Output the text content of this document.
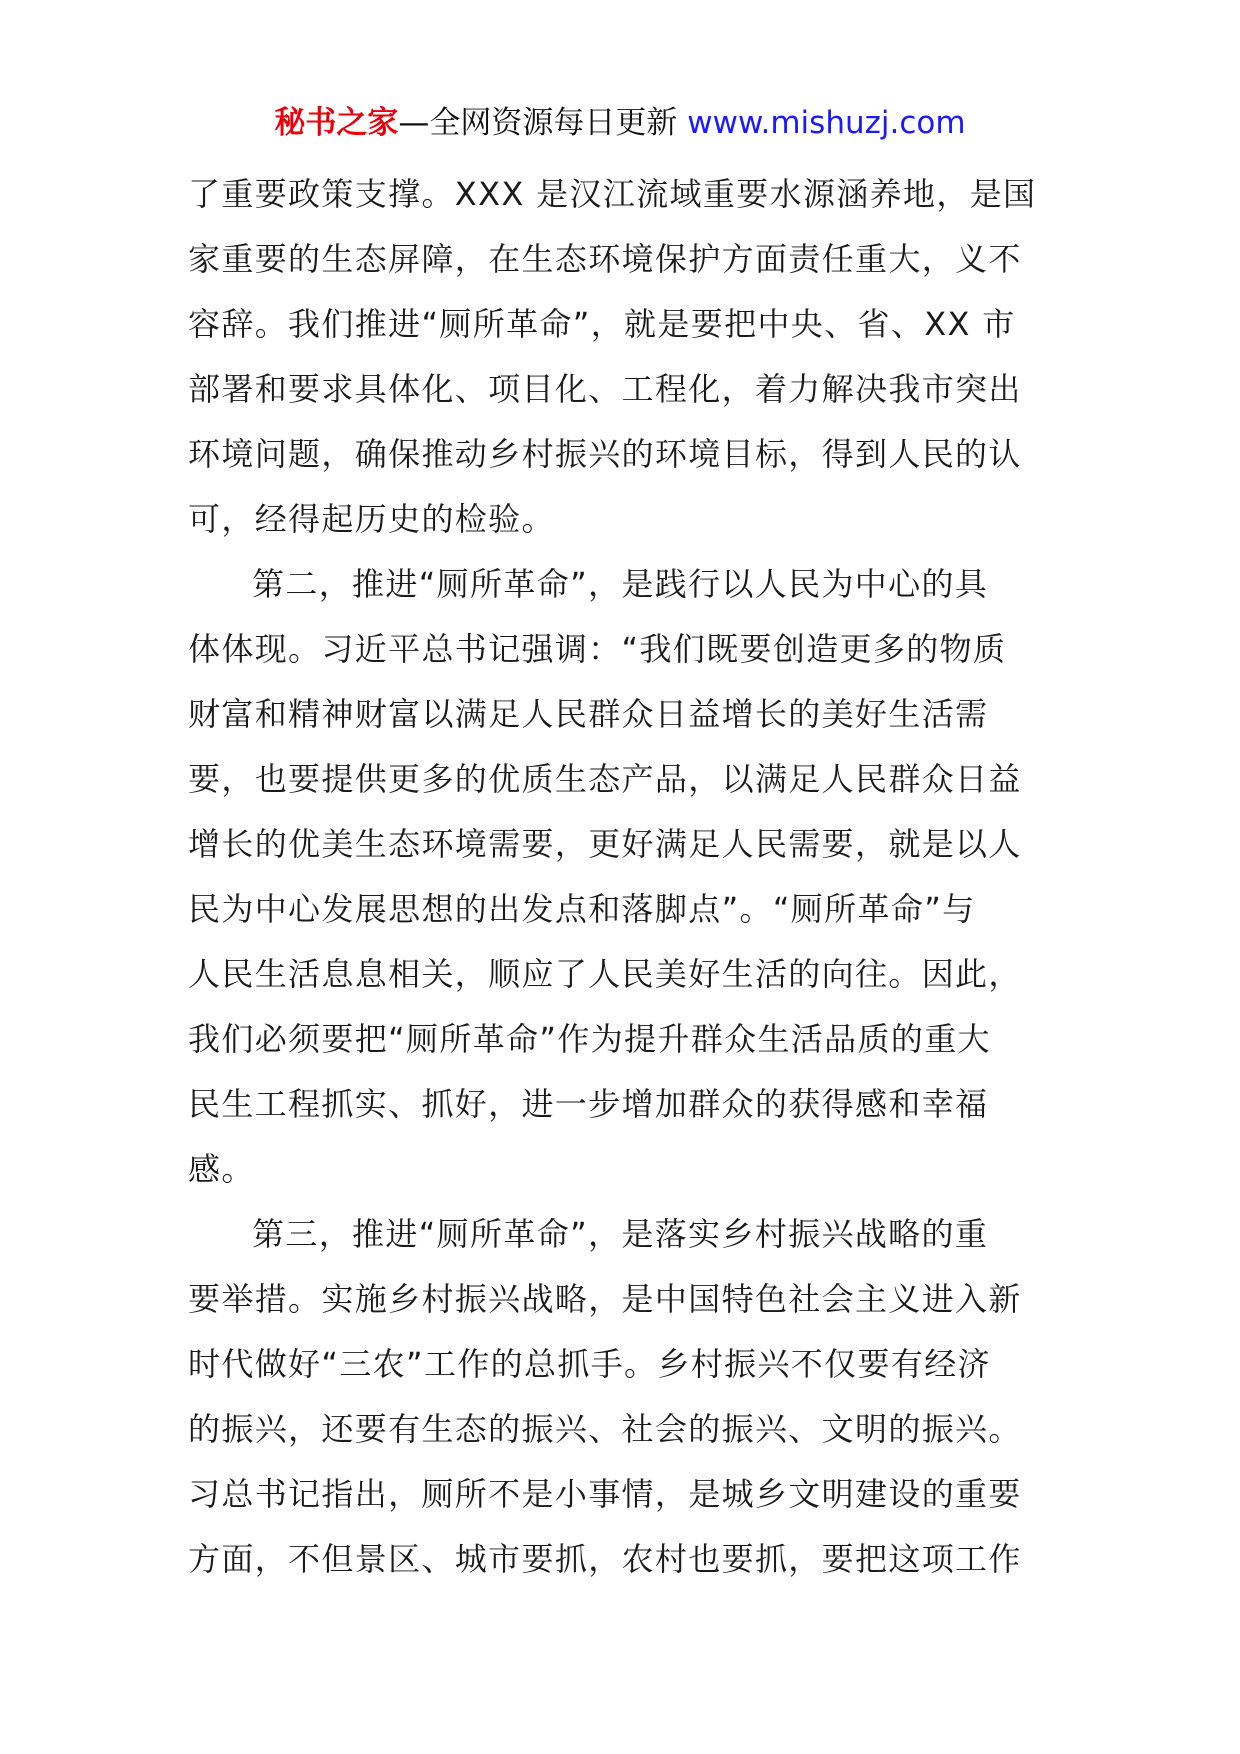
秘书之家—全网资源每日更新 www.mishuzj.com
了重要政策支撑。XXX 是汉江流域重要水源涵养地，是国
家重要的生态屏障，在生态环境保护方面责任重大，义不
容辞。我们推进“厕所革命”，就是要把中央、省、XX 市
部署和要求具体化、项目化、工程化，着力解决我市突出
环境问题，确保推动乡村振兴的环境目标，得到人民的认
可，经得起历史的检验。
第二，推进“厕所革命”，是践行以人民为中心的具
体体现。习近平总书记强调：“我们既要创造更多的物质
财富和精神财富以满足人民群众日益增长的美好生活需
要，也要提供更多的优质生态产品，以满足人民群众日益
增长的优美生态环境需要，更好满足人民需要，就是以人
民为中心发展思想的出发点和落脚点”。“厕所革命”与
人民生活息息相关，顺应了人民美好生活的向往。因此，
我们必须要把“厕所革命”作为提升群众生活品质的重大
民生工程抓实、抓好，进一步增加群众的获得感和幸福
感。
第三，推进“厕所革命”，是落实乡村振兴战略的重
要举措。实施乡村振兴战略，是中国特色社会主义进入新
时代做好“三农”工作的总抓手。乡村振兴不仅要有经济
的振兴，还要有生态的振兴、社会的振兴、文明的振兴。
习总书记指出，厕所不是小事情，是城乡文明建设的重要
方面，不但景区、城市要抓，农村也要抓，要把这项工作
